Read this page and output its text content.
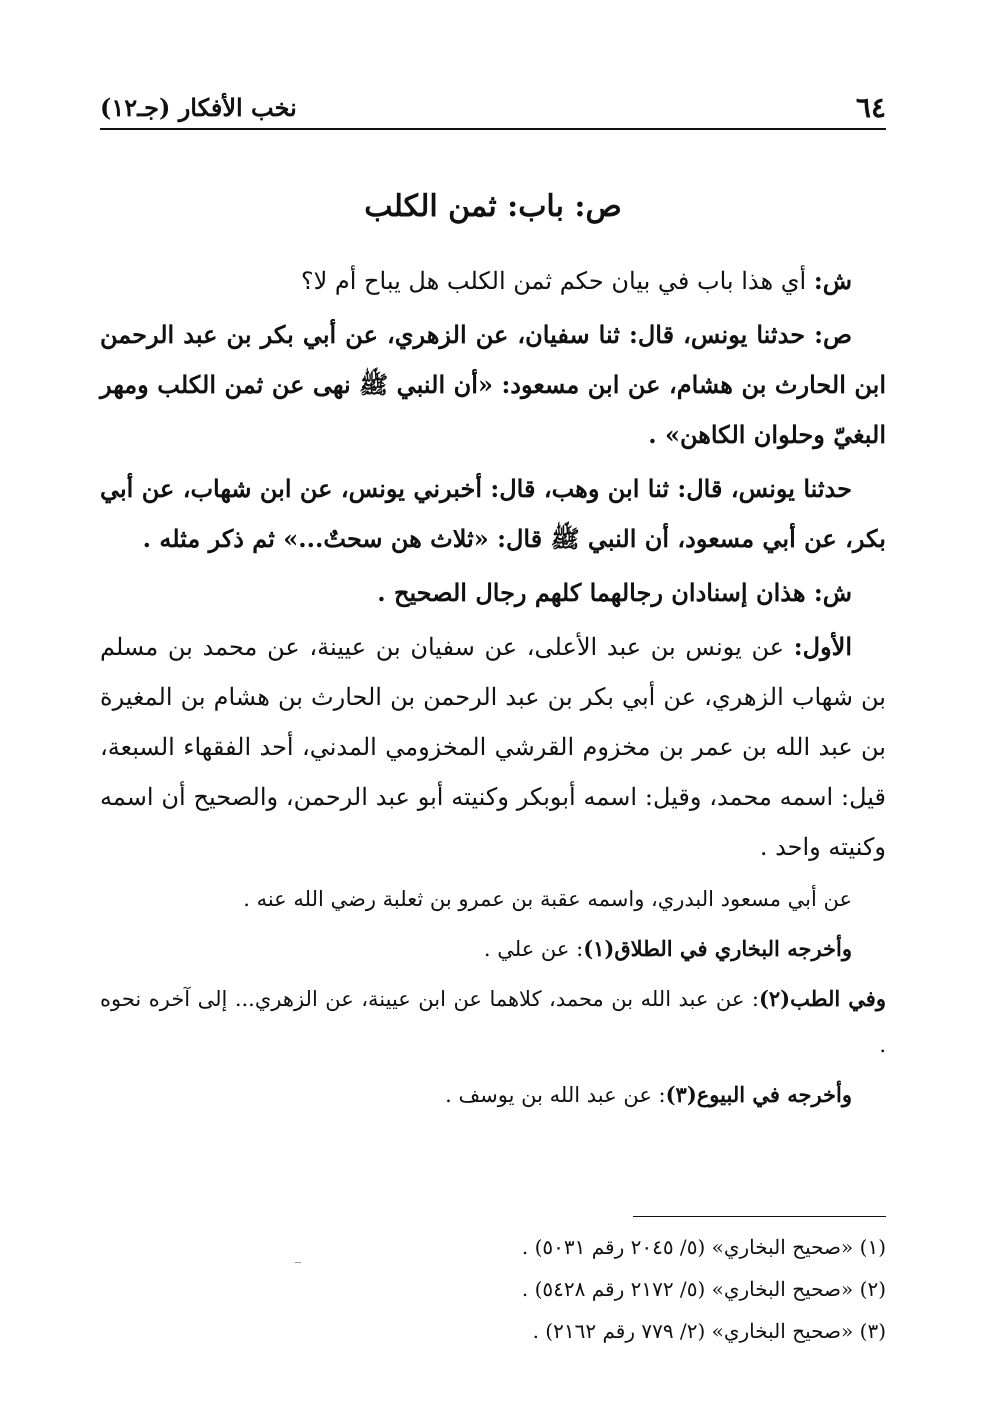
٦٤
نخب الأفكار (جـ١٢)
ص: باب: ثمن الكلب

ش: أي هذا باب في بيان حكم ثمن الكلب هل يباح أم لا؟

ص: حدثنا يونس، قال: ثنا سفيان، عن الزهري، عن أبي بكر بن عبد الرحمن ابن الحارث بن هشام، عن ابن مسعود: «أن النبي ﷺ نهى عن ثمن الكلب ومهر البغيّ وحلوان الكاهن» .

حدثنا يونس، قال: ثنا ابن وهب، قال: أخبرني يونس، عن ابن شهاب، عن أبي بكر، عن أبي مسعود، أن النبي ﷺ قال: «ثلاث هن سحتٌ...» ثم ذكر مثله .

ش: هذان إسنادان رجالهما كلهم رجال الصحيح .

الأول: عن يونس بن عبد الأعلى، عن سفيان بن عيينة، عن محمد بن مسلم بن شهاب الزهري، عن أبي بكر بن عبد الرحمن بن الحارث بن هشام بن المغيرة بن عبد الله بن عمر بن مخزوم القرشي المخزومي المدني، أحد الفقهاء السبعة، قيل: اسمه محمد، وقيل: اسمه أبوبكر وكنيته أبو عبد الرحمن، والصحيح أن اسمه وكنيته واحد .

عن أبي مسعود البدري، واسمه عقبة بن عمرو بن ثعلبة رضي الله عنه .

وأخرجه البخاري في الطلاق(١): عن علي .

وفي الطب(٢): عن عبد الله بن محمد، كلاهما عن ابن عيينة، عن الزهري... إلى آخره نحوه .

وأخرجه في البيوع(٣): عن عبد الله بن يوسف .

(١) «صحيح البخاري» (٥/ ٢٠٤٥ رقم ٥٠٣١) .
(٢) «صحيح البخاري» (٥/ ٢١٧٢ رقم ٥٤٢٨) .
(٣) «صحيح البخاري» (٢/ ٧٧٩ رقم ٢١٦٢) .
